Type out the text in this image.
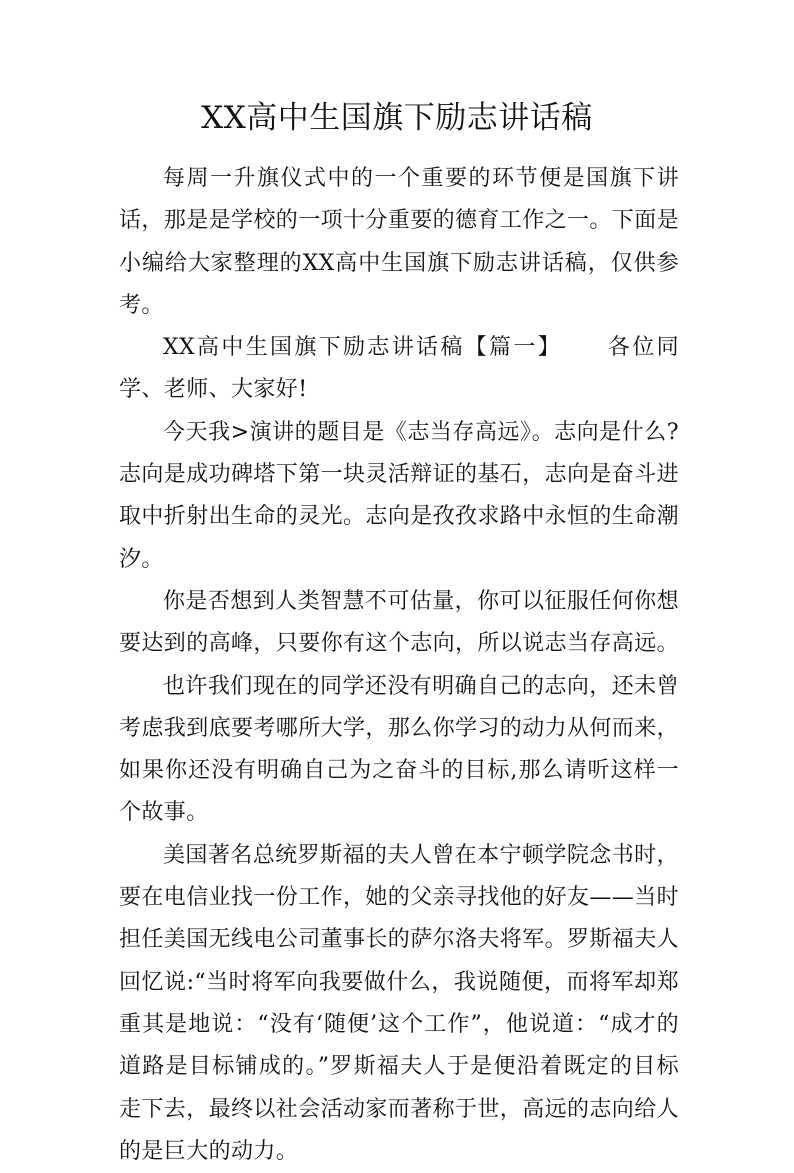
XX高中生国旗下励志讲话稿

每周一升旗仪式中的一个重要的环节便是国旗下讲话，那是是学校的一项十分重要的德育工作之一。下面是小编给大家整理的XX高中生国旗下励志讲话稿，仅供参考。

XX高中生国旗下励志讲话稿【篇一】 各位同学、老师、大家好!

今天我>演讲的题目是《志当存高远》。志向是什么?志向是成功碑塔下第一块灵活辩证的基石，志向是奋斗进取中折射出生命的灵光。志向是孜孜求路中永恒的生命潮汐。

你是否想到人类智慧不可估量，你可以征服任何你想要达到的高峰，只要你有这个志向，所以说志当存高远。

也许我们现在的同学还没有明确自己的志向，还未曾考虑我到底要考哪所大学，那么你学习的动力从何而来，如果你还没有明确自己为之奋斗的目标,那么请听这样一个故事。

美国著名总统罗斯福的夫人曾在本宁顿学院念书时，要在电信业找一份工作，她的父亲寻找他的好友——当时担任美国无线电公司董事长的萨尔洛夫将军。罗斯福夫人回忆说:“当时将军向我要做什么，我说随便，而将军却郑重其是地说：“没有‘随便’这个工作”，他说道：“成才的道路是目标铺成的。”罗斯福夫人于是便沿着既定的目标走下去，最终以社会活动家而著称于世，高远的志向给人的是巨大的动力。
